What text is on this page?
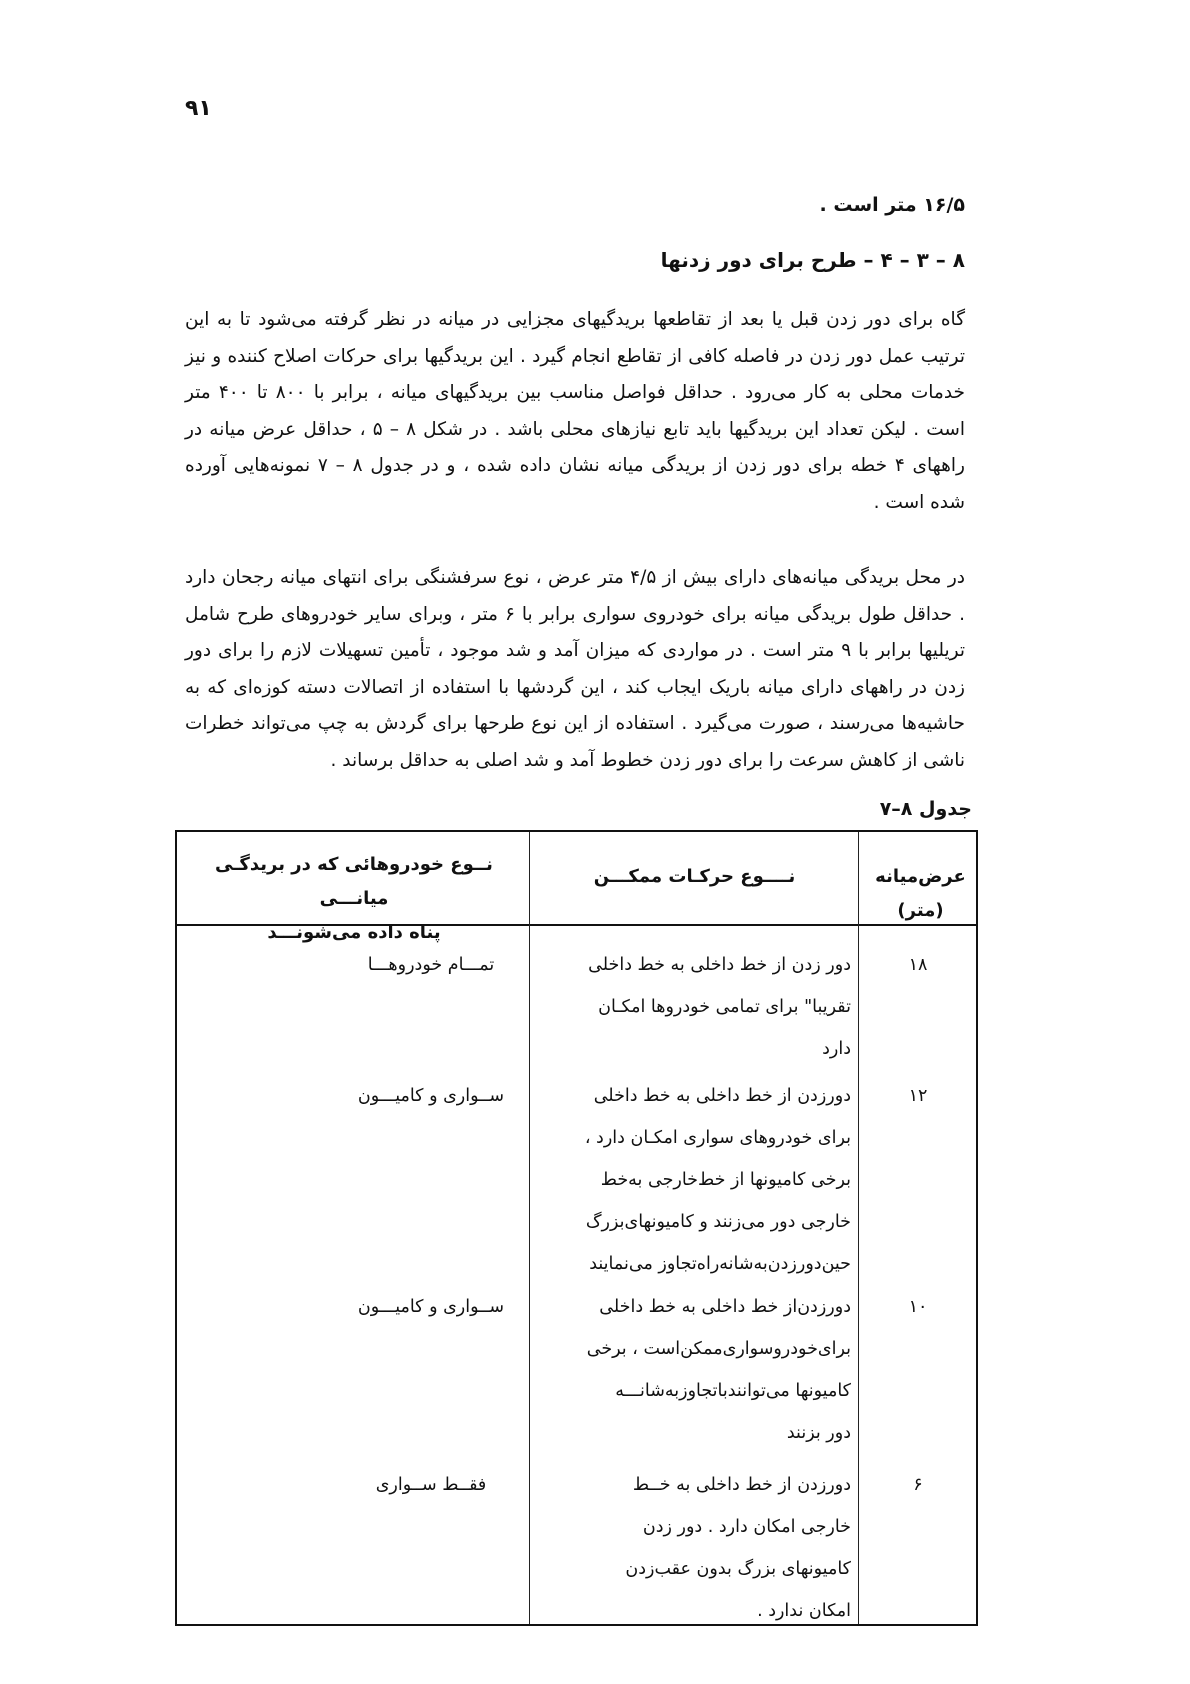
۹۱
۱۶/۵ متر است .
۸ – ۳ – ۴ – طرح برای دور زدنها
گاه برای دور زدن قبل یا بعد از تقاطعها بریدگیهای مجزایی در میانه در نظر گرفته می‌شود تا به این ترتیب عمل دور زدن در فاصله کافی از تقاطع انجام گیرد . این بریدگیها برای حرکات اصلاح کننده و نیز خدمات محلی به کار می‌رود . حداقل فواصل مناسب بین بریدگیهای میانه ، برابر با ۸۰۰ تا ۴۰۰ متر است . لیکن تعداد این بریدگیها باید تابع نیازهای محلی باشد . در شکل ۸ – ۵ ، حداقل عرض میانه در راههای ۴ خطه برای دور زدن از بریدگی میانه نشان داده شده ، و در جدول ۸ – ۷ نمونه‌هایی آورده شده است .
در محل بریدگی میانه‌های دارای بیش از ۴/۵ متر عرض ، نوع سرفشنگی برای انتهای میانه رجحان دارد . حداقل طول بریدگی میانه برای خودروی سواری برابر با ۶ متر ، وبرای سایر خودروهای طرح شامل تریلیها برابر با ۹ متر است . در مواردی که میزان آمد و شد موجود ، تأمین تسهیلات لازم را برای دور زدن در راههای دارای میانه باریک ایجاب کند ، این گردشها با استفاده از اتصالات دسته کوزه‌ای که به حاشیه‌ها می‌رسند ، صورت می‌گیرد . استفاده از این نوع طرحها برای گردش به چپ می‌تواند خطرات ناشی از کاهش سرعت را برای دور زدن خطوط آمد و شد اصلی به حداقل برساند .
جدول ۸–۷
عرض‌میانه (متر)
نــــوع حرکـات ممکـــن
نــوع خودروهائی که در بریدگـی میانـــی
پناه داده می‌شونـــد
۱۸
دور زدن از خط داخلی به خط داخلی
تقریبا" برای تمامی خودروها امکـان
دارد
تمـــام خودروهـــا
۱۲
دورزدن از خط داخلی به خط داخلی
برای خودروهای سواری امکـان دارد ،
برخی کامیونها از خط‌خارجی به‌خط
خارجی دور می‌زنند و کامیونهای‌بزرگ
حین‌دورزدن‌به‌شانه‌راه‌تجاوز می‌نمایند
ســواری و کامیـــون
۱۰
دورزدن‌از خط داخلی به خط داخلی
برای‌خودروسواری‌ممکن‌است ، برخی
کامیونها‌ می‌توانند‌با‌تجاوز‌به‌شانـــه
دور بزنند
ســواری و کامیـــون
۶
دورزدن از خط داخلی به خــط
خارجی امکان دارد . دور زدن
کامیونهای بزرگ بدون عقب‌زدن
امکان ندارد .
فقــط ســواری
